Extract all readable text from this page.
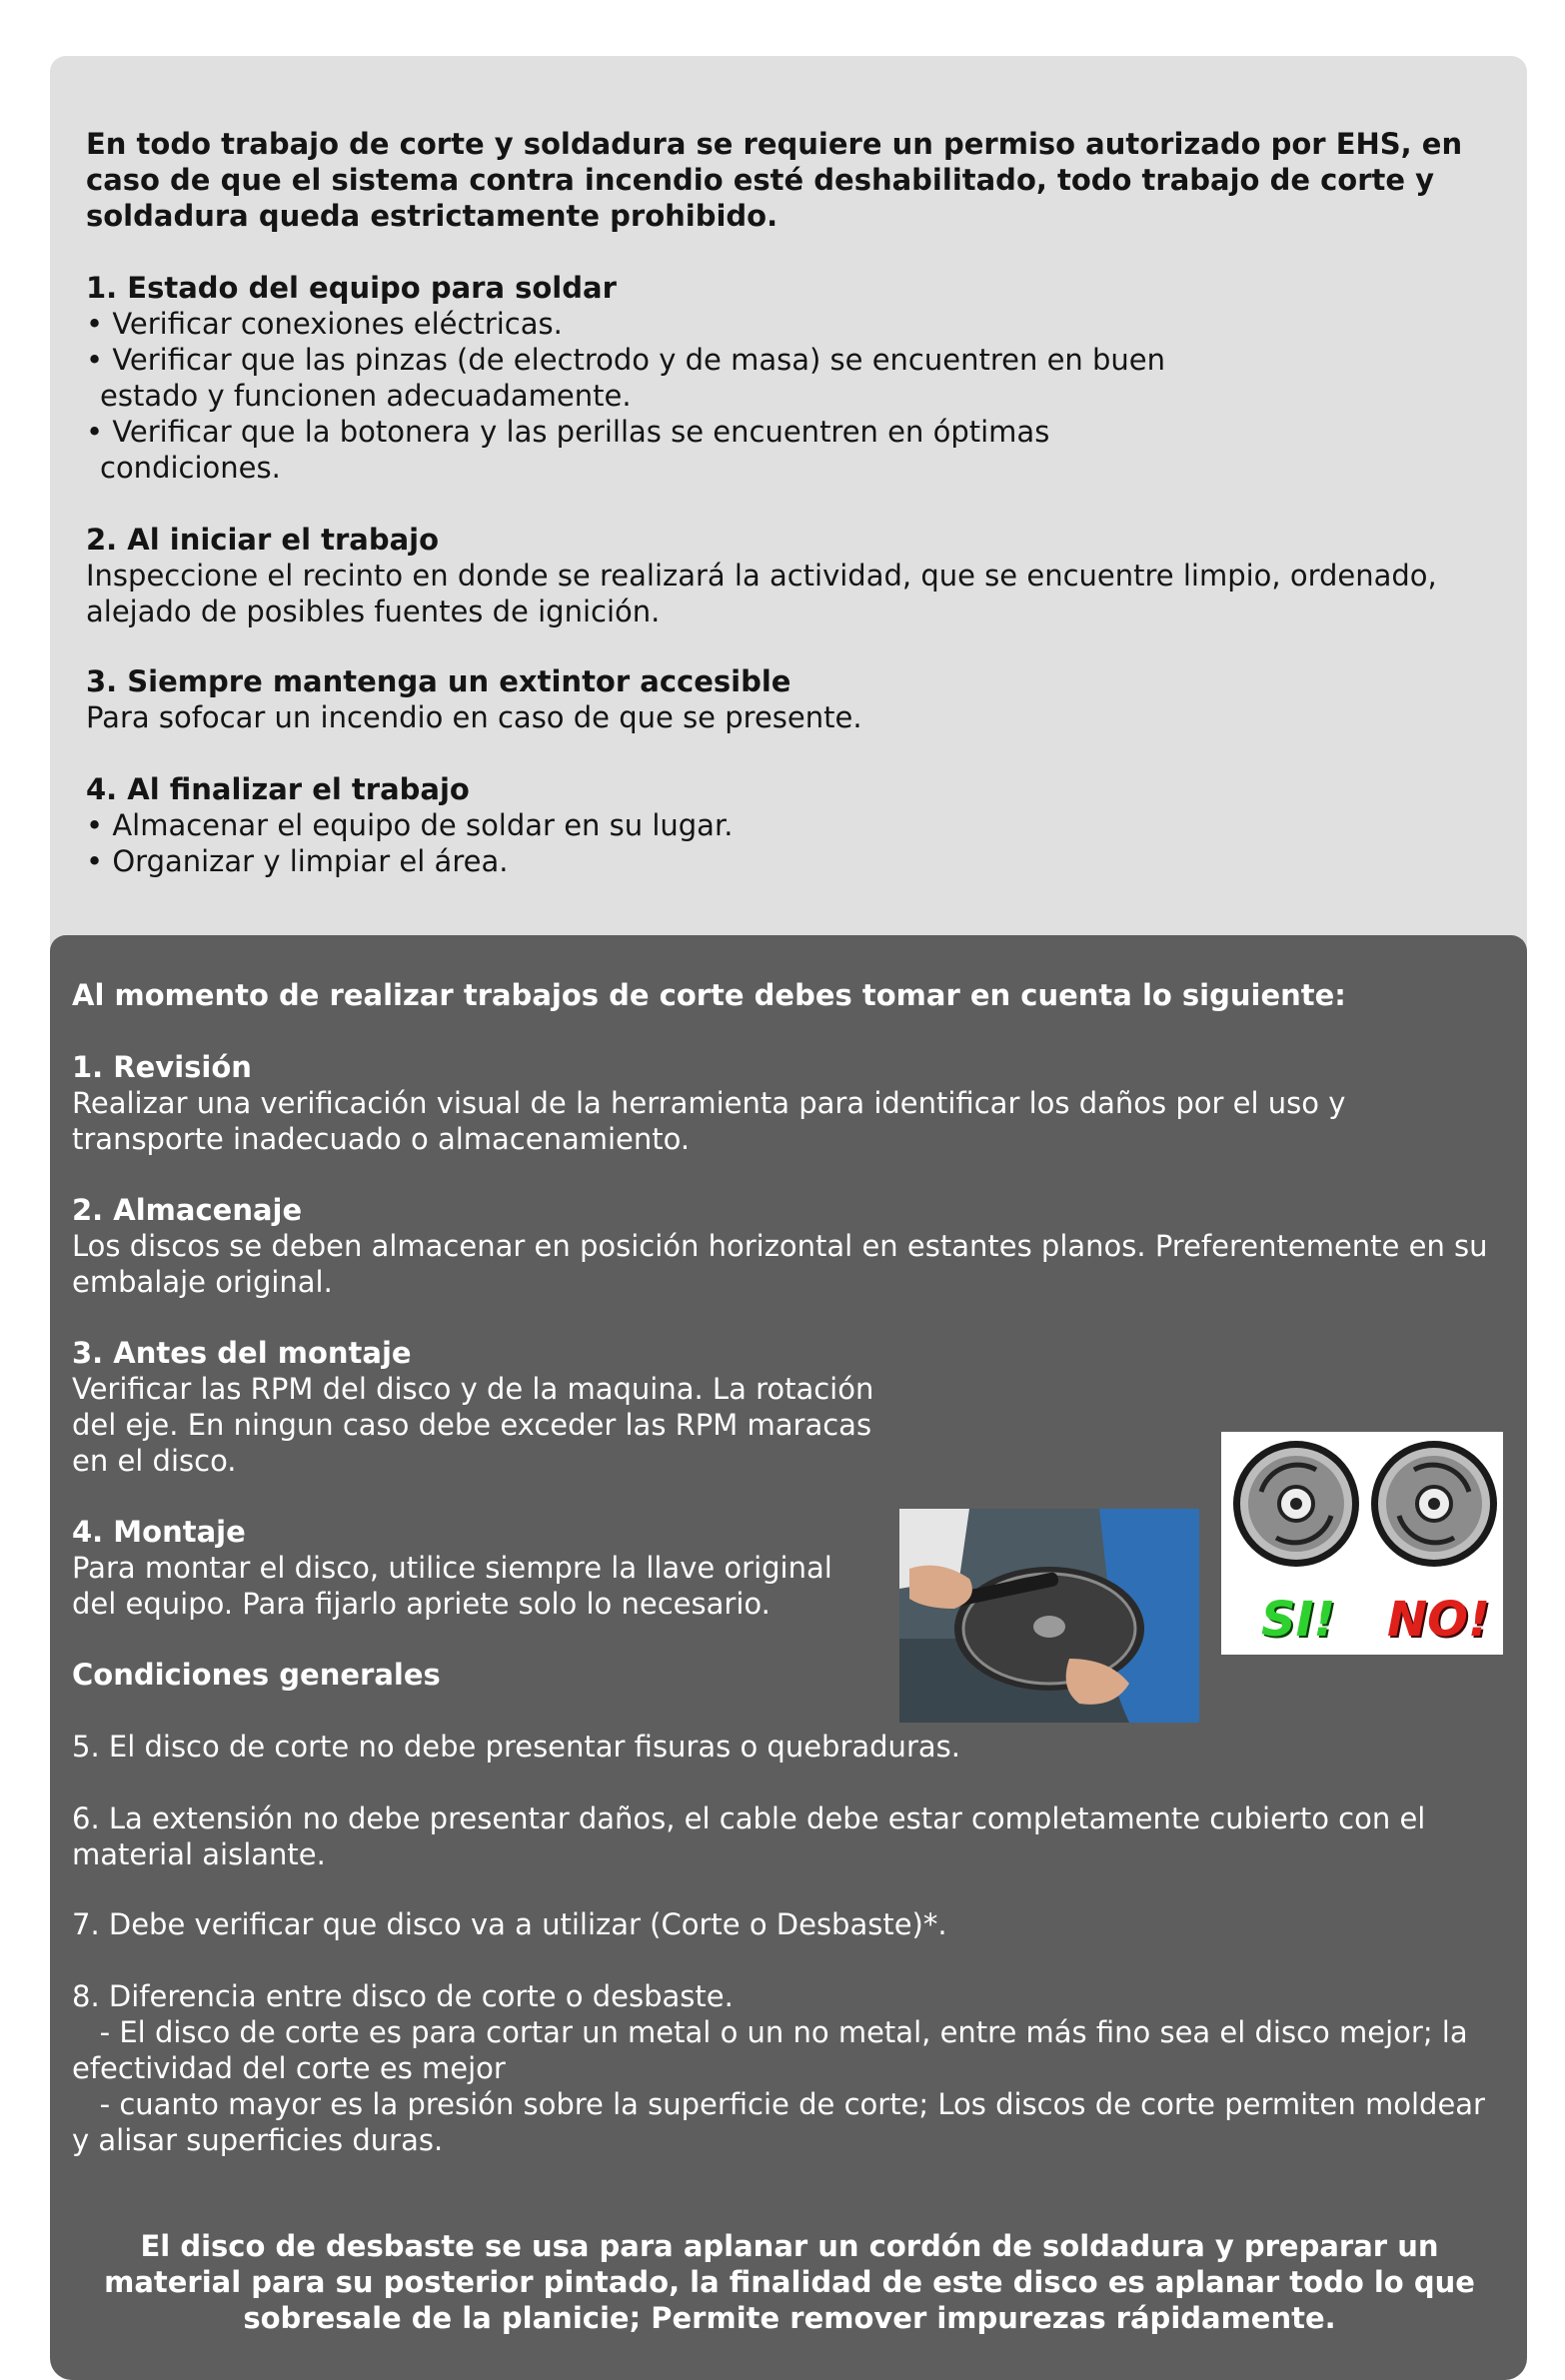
En todo trabajo de corte y soldadura se requiere un permiso autorizado por EHS, en caso de que el sistema contra incendio esté deshabilitado, todo trabajo de corte y soldadura queda estrictamente prohibido.

1. Estado del equipo para soldar

• Verificar conexiones eléctricas.

• Verificar que las pinzas (de electrodo y de masa) se encuentren en buen

estado y funcionen adecuadamente.

• Verificar que la botonera y las perillas se encuentren en óptimas

condiciones.

2. Al iniciar el trabajo

Inspeccione el recinto en donde se realizará la actividad, que se encuentre limpio, ordenado, alejado de posibles fuentes de ignición.

3. Siempre mantenga un extintor accesible

Para sofocar un incendio en caso de que se presente.

4. Al finalizar el trabajo

• Almacenar el equipo de soldar en su lugar.

• Organizar y limpiar el área.

Al momento de realizar trabajos de corte debes tomar en cuenta lo siguiente:

1. Revisión

Realizar una verificación visual de la herramienta para identificar los daños por el uso y transporte inadecuado o almacenamiento.

2. Almacenaje

Los discos se deben almacenar en posición horizontal en estantes planos. Preferentemente en su embalaje original.

3. Antes del montaje

Verificar las RPM del disco y de la maquina. La rotación

del eje. En ningun caso debe exceder las RPM maracas

en el disco.

4. Montaje

Para montar el disco, utilice siempre la llave original

del equipo. Para fijarlo apriete solo lo necesario.

Condiciones generales

5. El disco de corte no debe presentar fisuras o quebraduras.

6. La extensión no debe presentar daños, el cable debe estar completamente cubierto con el material aislante.

7. Debe verificar que disco va a utilizar (Corte o Desbaste)*.

8. Diferencia entre disco de corte o desbaste.

- El disco de corte es para cortar un metal o un no metal, entre más fino sea el disco mejor; la efectividad del corte es mejor

- cuanto mayor es la presión sobre la superficie de corte; Los discos de corte permiten moldear y alisar superficies duras.

El disco de desbaste se usa para aplanar un cordón de soldadura y preparar un material para su posterior pintado, la finalidad de este disco es aplanar todo lo que sobresale de la planicie; Permite remover impurezas rápidamente.

SI! NO!
